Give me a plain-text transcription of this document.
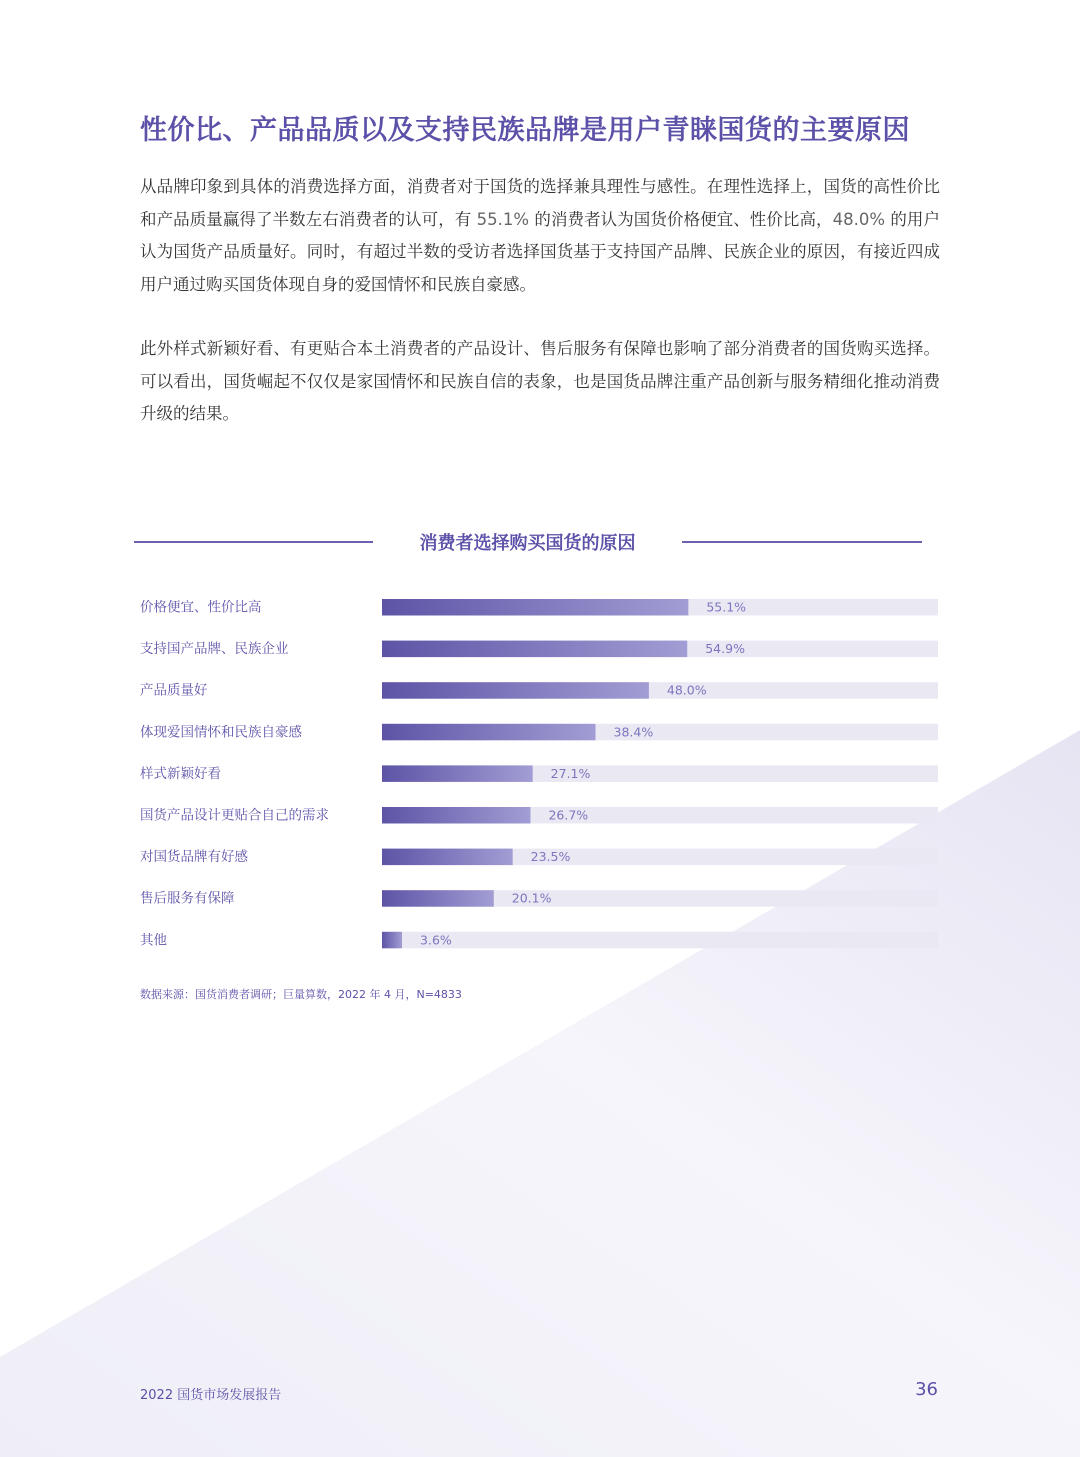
性价比、产品品质以及支持民族品牌是用户青睐国货的主要原因
从品牌印象到具体的消费选择方面，消费者对于国货的选择兼具理性与感性。在理性选择上，国货的高性价比和产品质量赢得了半数左右消费者的认可，有 55.1% 的消费者认为国货价格便宜、性价比高，48.0% 的用户认为国货产品质量好。同时，有超过半数的受访者选择国货基于支持国产品牌、民族企业的原因，有接近四成用户通过购买国货体现自身的爱国情怀和民族自豪感。
此外样式新颖好看、有更贴合本土消费者的产品设计、售后服务有保障也影响了部分消费者的国货购买选择。可以看出，国货崛起不仅仅是家国情怀和民族自信的表象，也是国货品牌注重产品创新与服务精细化推动消费升级的结果。
消费者选择购买国货的原因
价格便宜、性价比高	55.1%
支持国产品牌、民族企业	54.9%
产品质量好	48.0%
体现爱国情怀和民族自豪感	38.4%
样式新颖好看	27.1%
国货产品设计更贴合自己的需求	26.7%
对国货品牌有好感	23.5%
售后服务有保障	20.1%
其他	3.6%
数据来源：国货消费者调研；巨量算数，2022 年 4 月，N=4833
2022 国货市场发展报告	36
